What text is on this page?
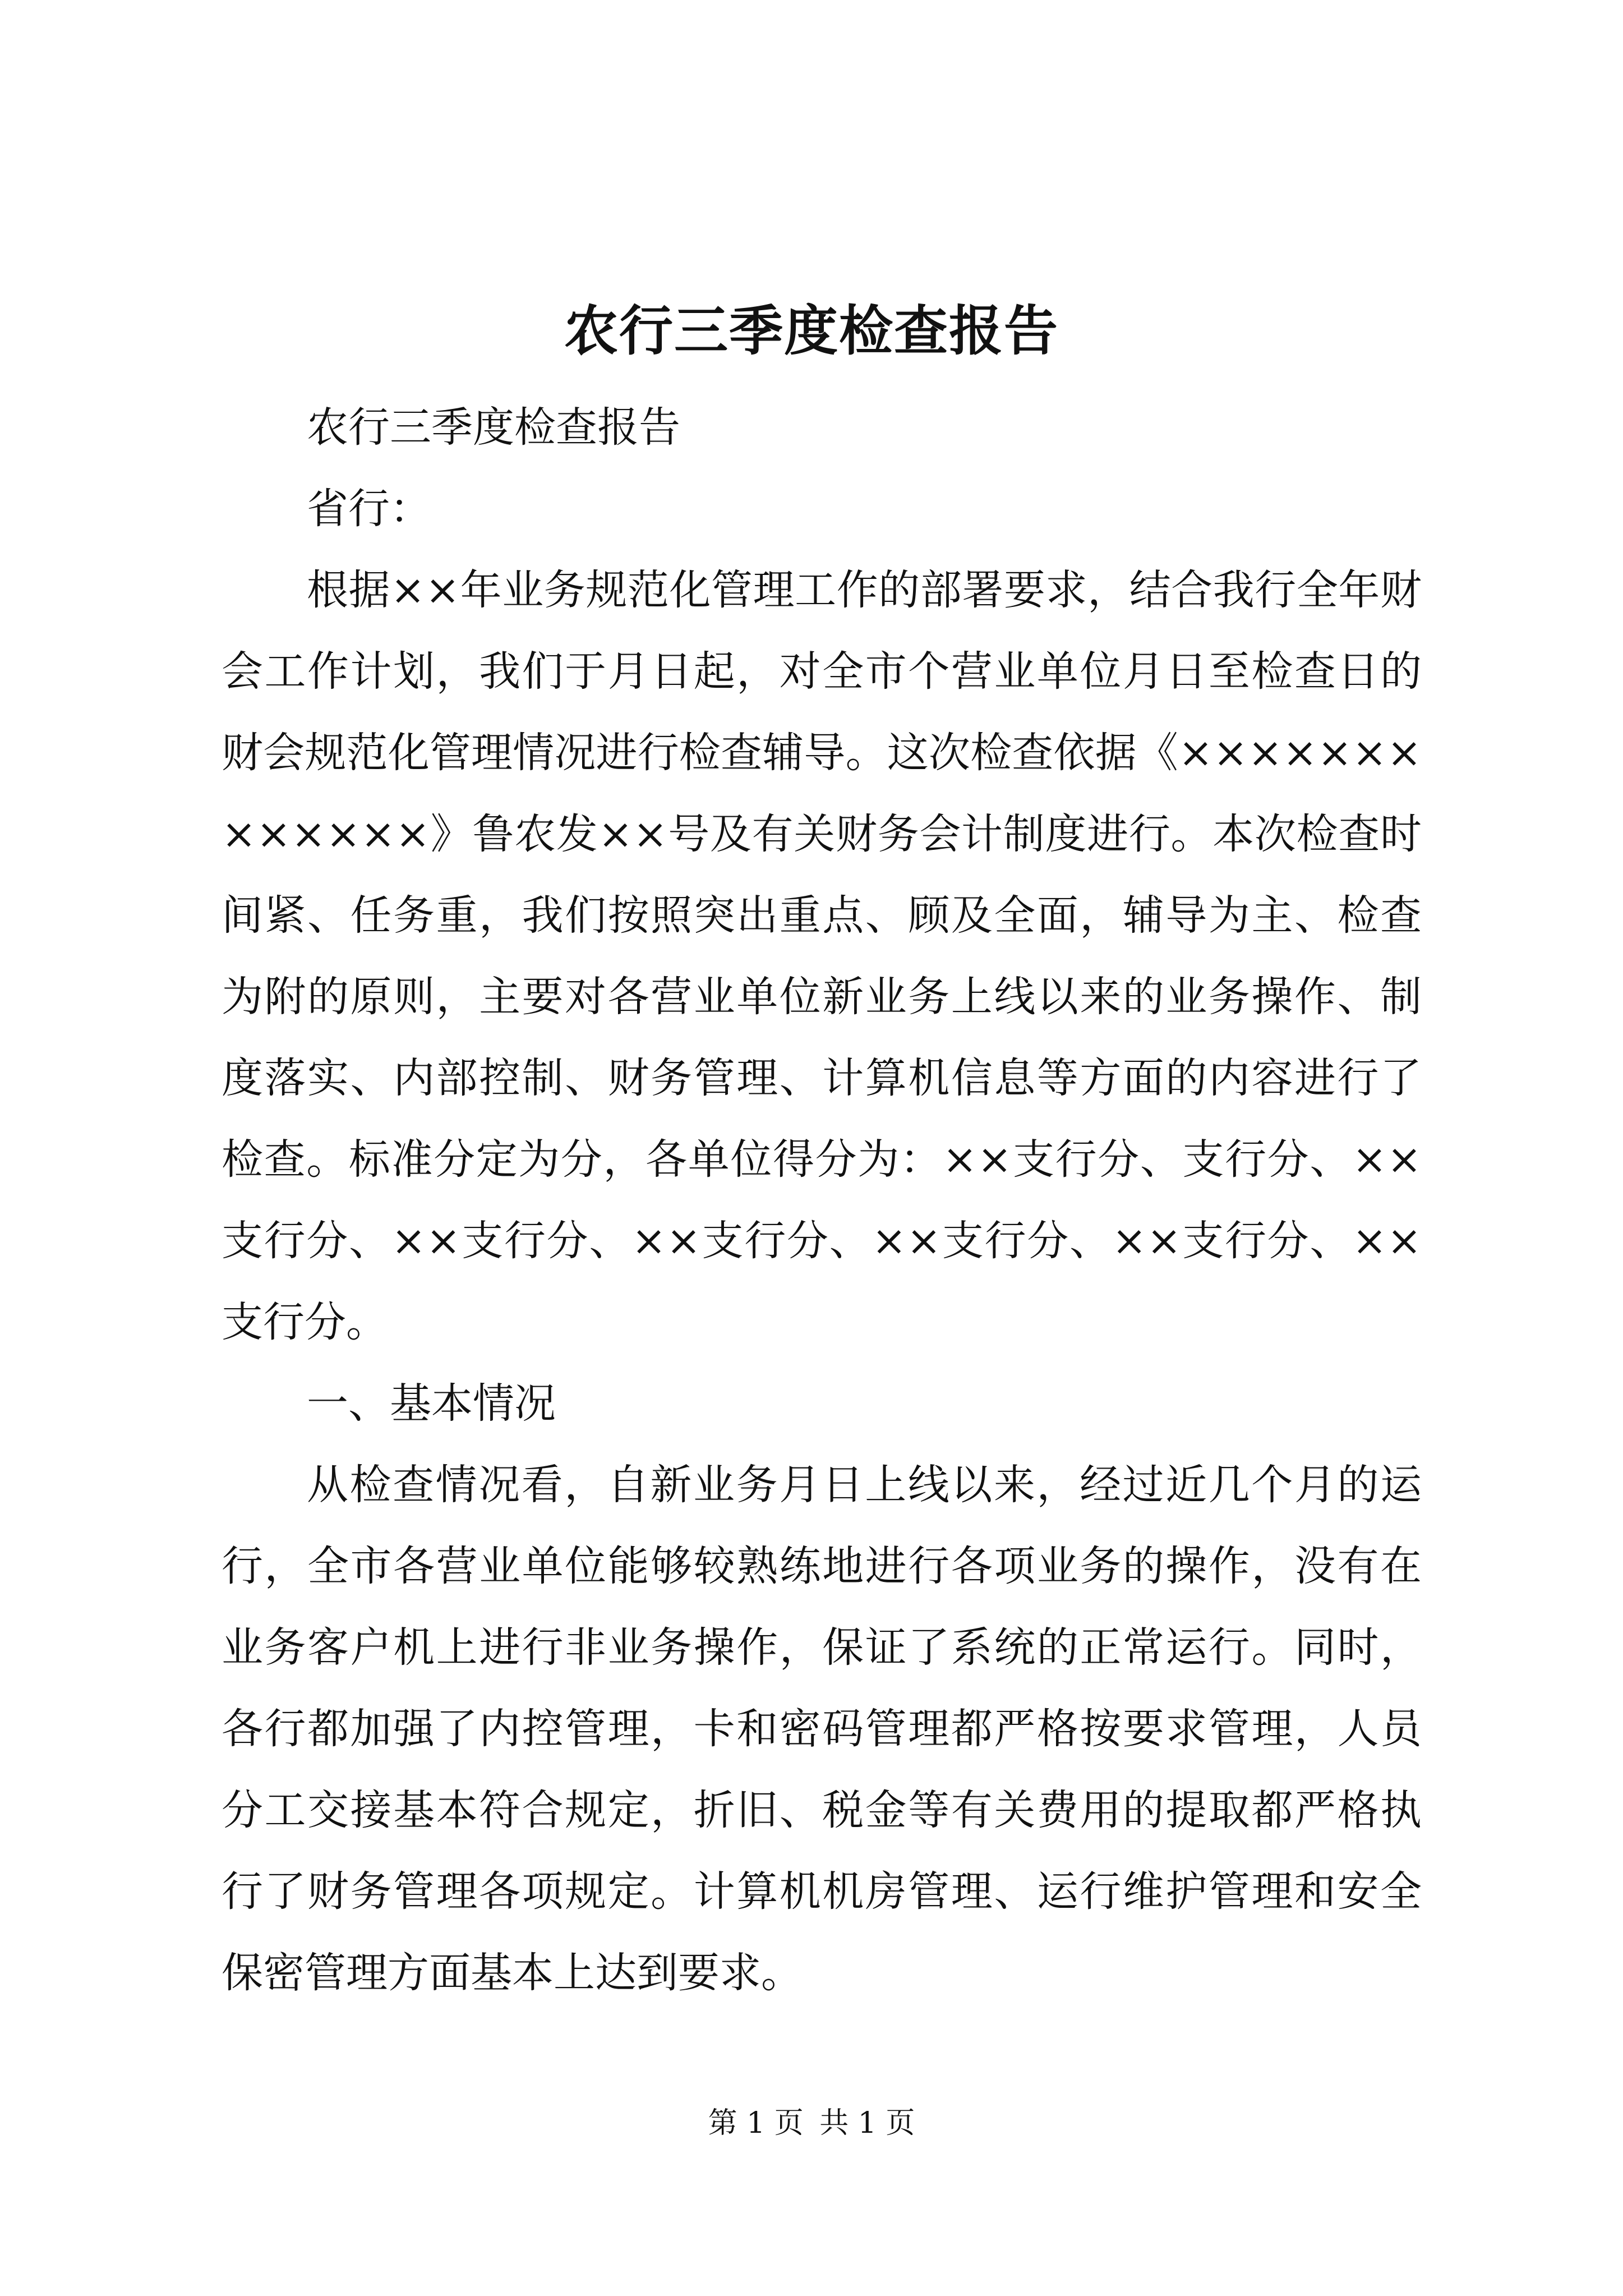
农行三季度检查报告

农行三季度检查报告

省行：

根据××年业务规范化管理工作的部署要求，结合我行全年财会工作计划，我们于月日起，对全市个营业单位月日至检查日的财会规范化管理情况进行检查辅导。这次检查依据《×××××××××××××》鲁农发××号及有关财务会计制度进行。本次检查时间紧、任务重，我们按照突出重点、顾及全面，辅导为主、检查为附的原则，主要对各营业单位新业务上线以来的业务操作、制度落实、内部控制、财务管理、计算机信息等方面的内容进行了检查。标准分定为分，各单位得分为：××支行分、支行分、××支行分、××支行分、××支行分、××支行分、××支行分、××支行分。

一、基本情况

从检查情况看，自新业务月日上线以来，经过近几个月的运行，全市各营业单位能够较熟练地进行各项业务的操作，没有在业务客户机上进行非业务操作，保证了系统的正常运行。同时，各行都加强了内控管理，卡和密码管理都严格按要求管理，人员分工交接基本符合规定，折旧、税金等有关费用的提取都严格执行了财务管理各项规定。计算机机房管理、运行维护管理和安全保密管理方面基本上达到要求。

第 1 页 共 1 页
